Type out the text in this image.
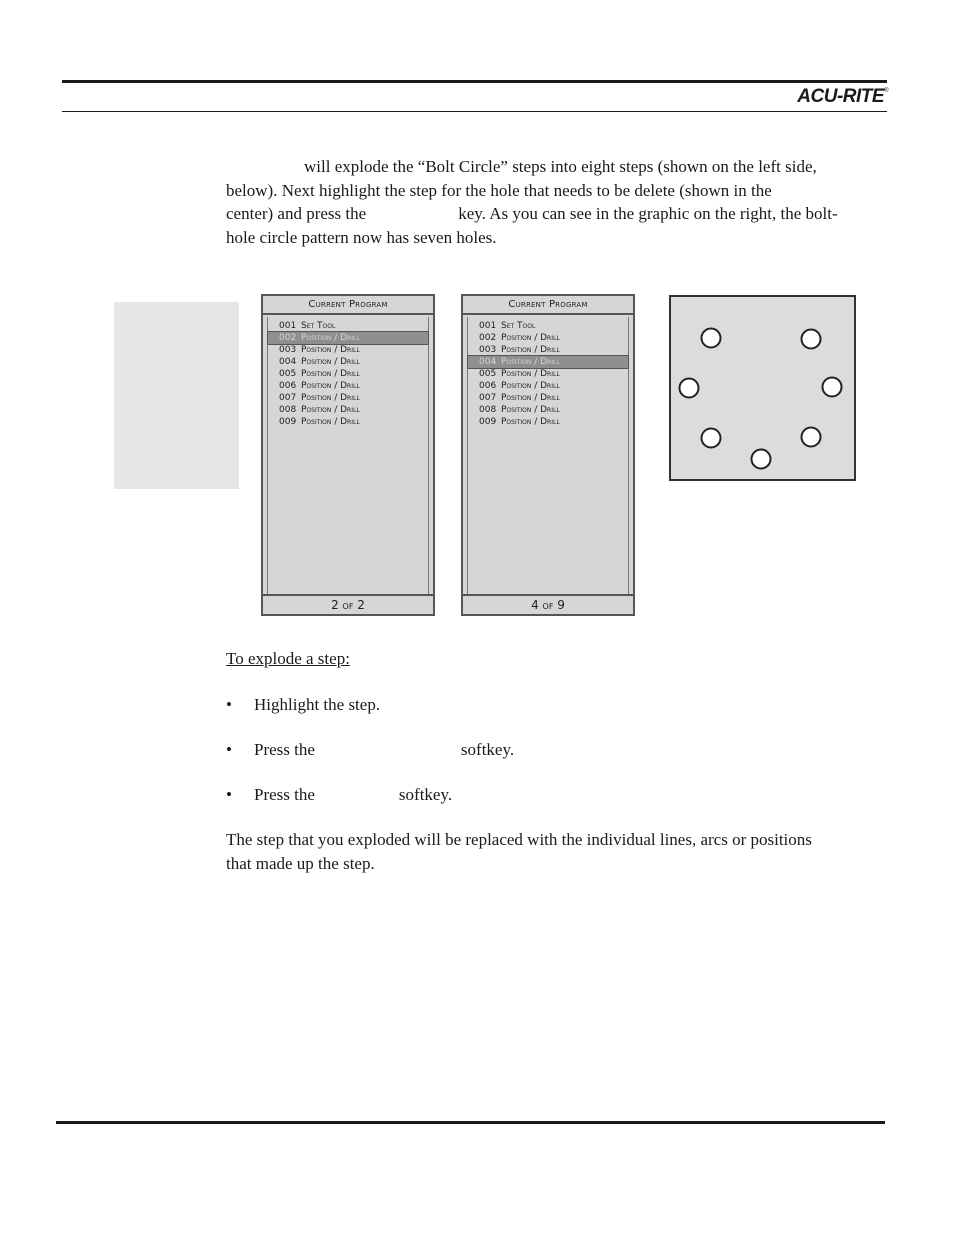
ACU-RITE®

will explode the “Bolt Circle” steps into eight steps (shown on the left side,
below). Next highlight the step for the hole that needs to be delete (shown in the
center) and press the	key. As you can see in the graphic on the right, the bolt-
hole circle pattern now has seven holes.

Current Program
001 Set Tool
002 Position / Drill
003 Position / Drill
004 Position / Drill
005 Position / Drill
006 Position / Drill
007 Position / Drill
008 Position / Drill
009 Position / Drill
2 of 2
Current Program
001 Set Tool
002 Position / Drill
003 Position / Drill
004 Position / Drill
005 Position / Drill
006 Position / Drill
007 Position / Drill
008 Position / Drill
009 Position / Drill
4 of 9

To explode a step:

• Highlight the step.
• Press the	softkey.
• Press the	softkey.

The step that you exploded will be replaced with the individual lines, arcs or positions
that made up the step.
